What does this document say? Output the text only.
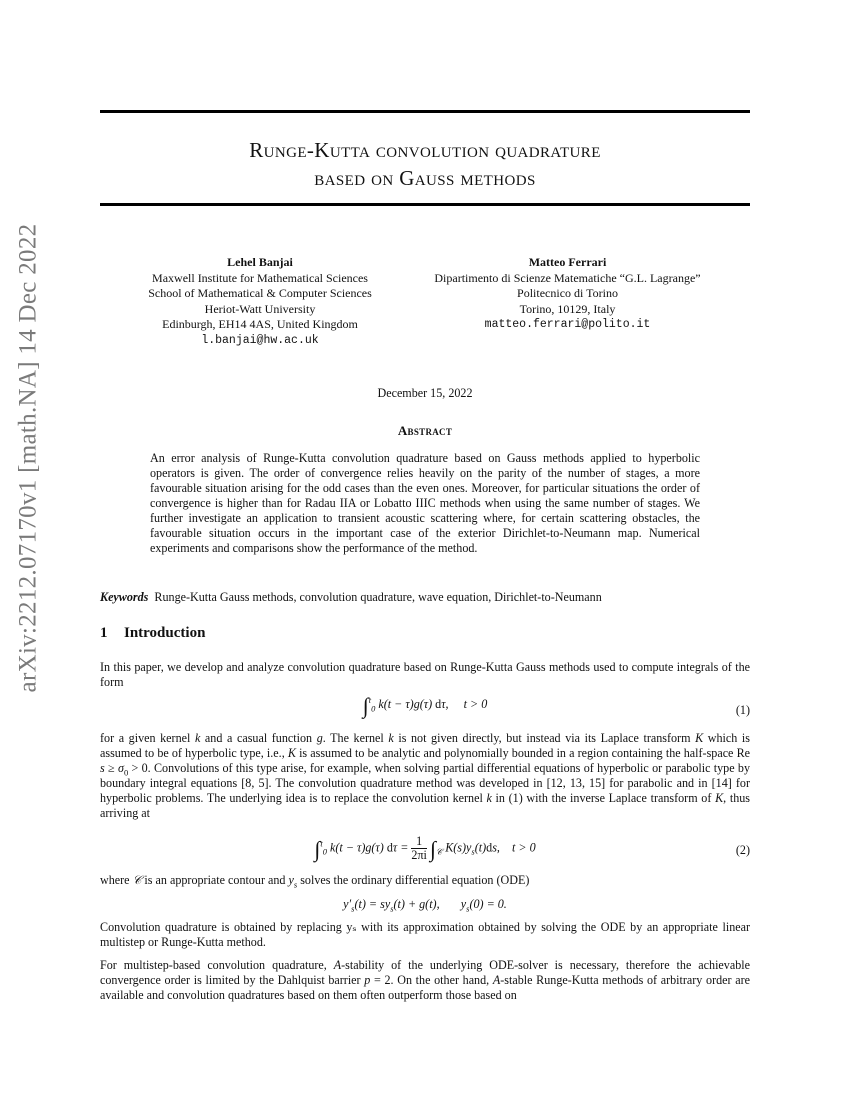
arXiv:2212.07170v1 [math.NA] 14 Dec 2022
Runge-Kutta convolution quadrature
based on Gauss methods
Lehel Banjai
Maxwell Institute for Mathematical Sciences
School of Mathematical & Computer Sciences
Heriot-Watt University
Edinburgh, EH14 4AS, United Kingdom
l.banjai@hw.ac.uk
Matteo Ferrari
Dipartimento di Scienze Matematiche “G.L. Lagrange”
Politecnico di Torino
Torino, 10129, Italy
matteo.ferrari@polito.it
December 15, 2022
Abstract
An error analysis of Runge-Kutta convolution quadrature based on Gauss methods applied to hyperbolic operators is given. The order of convergence relies heavily on the parity of the number of stages, a more favourable situation arising for the odd cases than the even ones. Moreover, for particular situations the order of convergence is higher than for Radau IIA or Lobatto IIIC methods when using the same number of stages. We further investigate an application to transient acoustic scattering where, for certain scattering obstacles, the favourable situation occurs in the important case of the exterior Dirichlet-to-Neumann map. Numerical experiments and comparisons show the performance of the method.
Keywords Runge-Kutta Gauss methods, convolution quadrature, wave equation, Dirichlet-to-Neumann
1 Introduction
In this paper, we develop and analyze convolution quadrature based on Runge-Kutta Gauss methods used to compute integrals of the form
∫$^t_0$ k(t − τ)g(τ) dτ,     t > 0	(1)
for a given kernel k and a casual function g. The kernel k is not given directly, but instead via its Laplace transform K which is assumed to be of hyperbolic type, i.e., K is assumed to be analytic and polynomially bounded in a region containing the half-space Re $s \ge \sigma_0 > 0$. Convolutions of this type arise, for example, when solving partial differential equations of hyperbolic or parabolic type by boundary integral equations [8, 5]. The convolution quadrature method was developed in [12, 13, 15] for parabolic and in [14] for hyperbolic problems. The underlying idea is to replace the convolution kernel k in (1) with the inverse Laplace transform of K, thus arriving at
∫$^t_0$ k(t − τ)g(τ) $d\tau = \frac{1}{2\pi i} \int_𝒞$ $K(s)y_s(t)ds$,    t > 0	(2)
where 𝒞 is an appropriate contour and $y_s$ solves the ordinary differential equation (ODE)
$y'_s(t) = sy_s(t) + g(t)$,       $y_s(0) = 0$.
Convolution quadrature is obtained by replacing yₛ with its approximation obtained by solving the ODE by an appropriate linear multistep or Runge-Kutta method.
For multistep-based convolution quadrature, A-stability of the underlying ODE-solver is necessary, therefore the achievable convergence order is limited by the Dahlquist barrier p = 2. On the other hand, A-stable Runge-Kutta methods of arbitrary order are available and convolution quadratures based on them often outperform those based on
